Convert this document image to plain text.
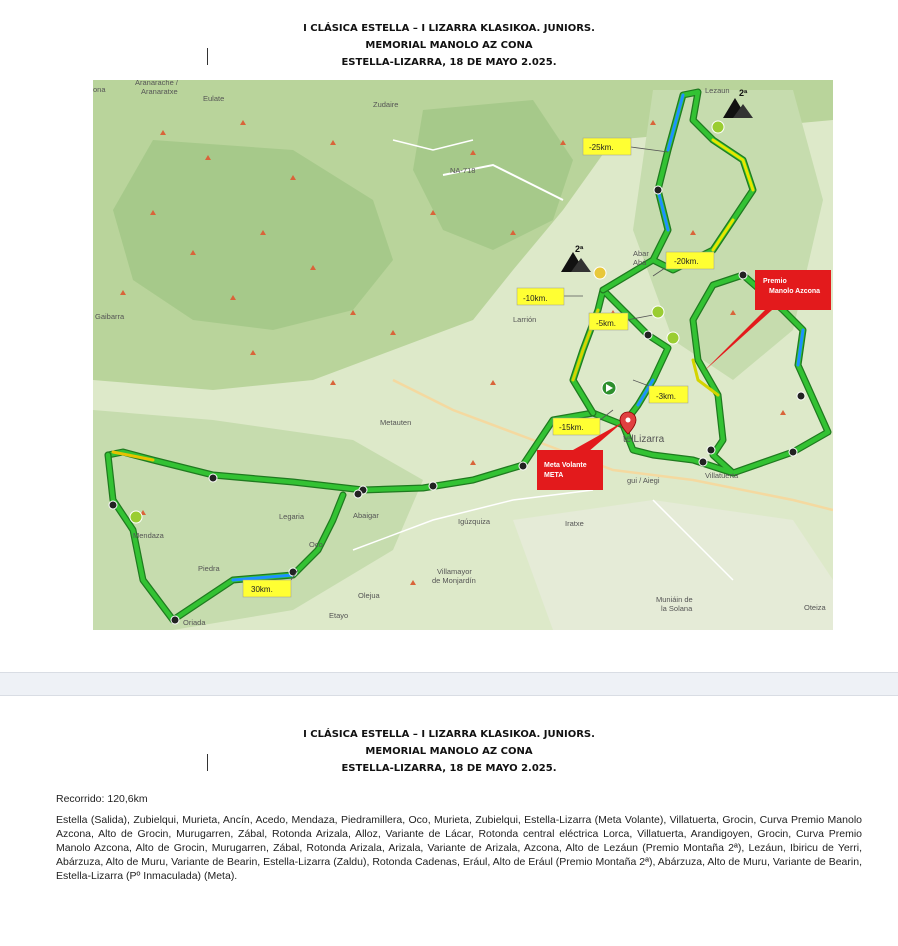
I CLÁSICA ESTELLA – I LIZARRA KLASIKOA. JUNIORS.
MEMORIAL MANOLO AZ CONA
ESTELLA-LIZARRA, 18 DE MAYO 2.025.
Aranarache /
Aranaratxe
Eulate
Zudaire
NA-718
Gaibarra	Larrión
Metauten
Legaria	Abaigar
Igúzquiza	Iratxe
Mendaza
Piedra
Oco
Villamayor
de Monjardín
Olejua
Etayo
Oriada
Muniáin de
la Solana	Oteiza
Villatuerta
Abar
Abá
Lezaun
telLizarra
gui / Aiegi
ona	2ª
2ª
-25km.
-20km.
-10km.
-5km.
-3km.
-15km.
30km.
Premio
Manolo Azcona
Meta Volante
META
I CLÁSICA ESTELLA – I LIZARRA KLASIKOA. JUNIORS.
MEMORIAL MANOLO AZ CONA
ESTELLA-LIZARRA, 18 DE MAYO 2.025.
Recorrido: 120,6km
Estella (Salida), Zubielqui, Murieta, Ancín, Acedo, Mendaza, Piedramillera, Oco, Murieta, Zubielqui, Estella-Lizarra (Meta Volante), Villatuerta, Grocin, Curva Premio Manolo Azcona, Alto de Grocin, Murugarren, Zábal, Rotonda Arizala, Alloz, Variante de Lácar, Rotonda central eléctrica Lorca, Villatuerta, Arandigoyen, Grocin, Curva Premio Manolo Azcona, Alto de Grocin, Murugarren, Zábal, Rotonda Arizala, Arizala, Variante de Arizala, Azcona, Alto de Lezáun (Premio Montaña 2ª), Lezáun, Ibiricu de Yerri, Abárzuza, Alto de Muru, Variante de Bearin, Estella-Lizarra (Zaldu), Rotonda Cadenas, Erául, Alto de Erául (Premio Montaña 2ª), Abárzuza, Alto de Muru, Variante de Bearin, Estella-Lizarra (Pº Inmaculada) (Meta).
